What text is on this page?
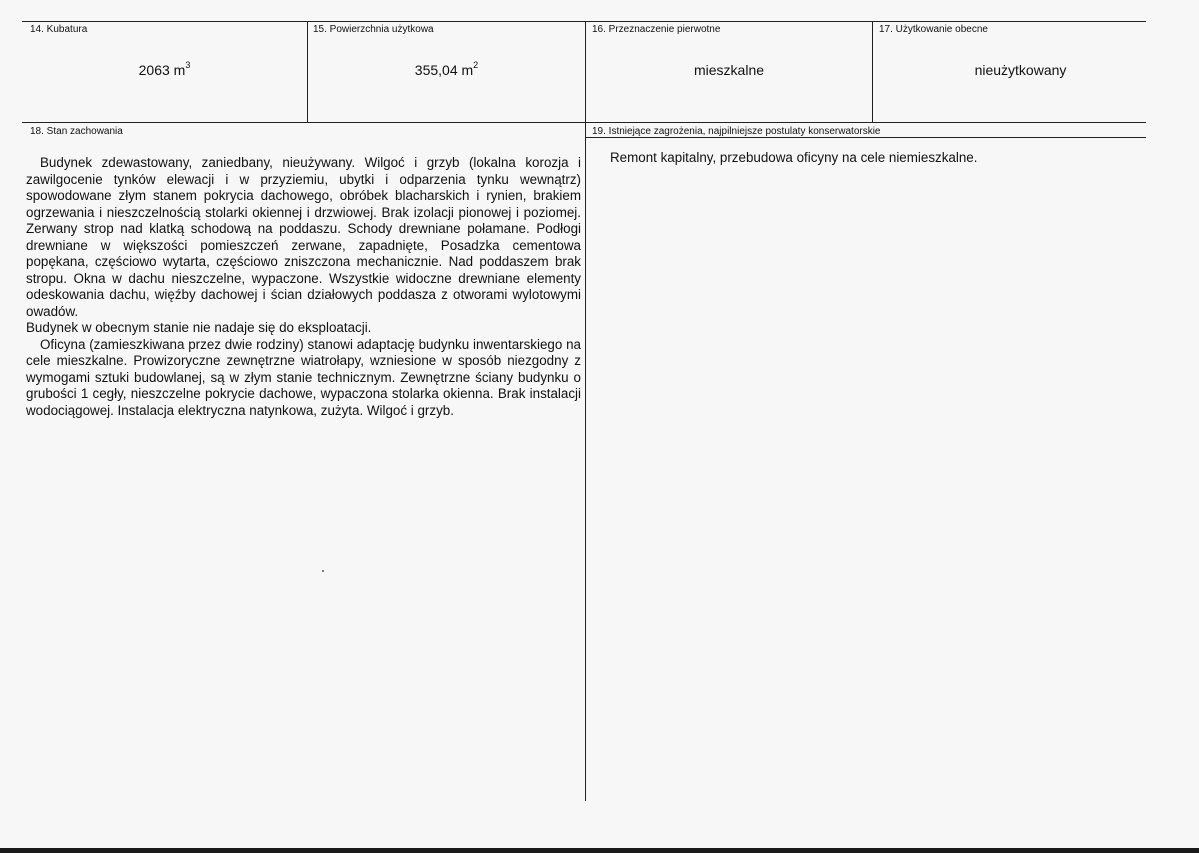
14. Kubatura
2063 $m^3$
15. Powierzchnia użytkowa
355,04 $m^2$
16. Przeznaczenie pierwotne
mieszkalne
17. Użytkowanie obecne
nieużytkowany
18. Stan zachowania

Budynek zdewastowany, zaniedbany, nieużywany. Wilgoć i grzyb (lokalna korozja i zawilgocenie tynków elewacji i w przyziemiu, ubytki i odparzenia tynku wewnątrz) spowodowane złym stanem pokrycia dachowego, obróbek blacharskich i rynien, brakiem ogrzewania i nieszczelnością stolarki okiennej i drzwiowej. Brak izolacji pionowej i poziomej. Zerwany strop nad klatką schodową na poddaszu. Schody drewniane połamane. Podłogi drewniane w większości pomieszczeń zerwane, zapadnięte, Posadzka cementowa popękana, częściowo wytarta, częściowo zniszczona mechanicznie. Nad poddaszem brak stropu. Okna w dachu nieszczelne, wypaczone. Wszystkie widoczne drewniane elementy odeskowania dachu, więźby dachowej i ścian działowych poddasza z otworami wylotowymi owadów.

Budynek w obecnym stanie nie nadaje się do eksploatacji.

Oficyna (zamieszkiwana przez dwie rodziny) stanowi adaptację budynku inwentarskiego na cele mieszkalne. Prowizoryczne zewnętrzne wiatrołapy, wzniesione w sposób niezgodny z wymogami sztuki budowlanej, są w złym stanie technicznym. Zewnętrzne ściany budynku o grubości 1 cegły, nieszczelne pokrycie dachowe, wypaczona stolarka okienna. Brak instalacji wodociągowej. Instalacja elektryczna natynkowa, zużyta. Wilgoć i grzyb.

19. Istniejące zagrożenia, najpilniejsze postulaty konserwatorskie

Remont kapitalny, przebudowa oficyny na cele niemieszkalne.
